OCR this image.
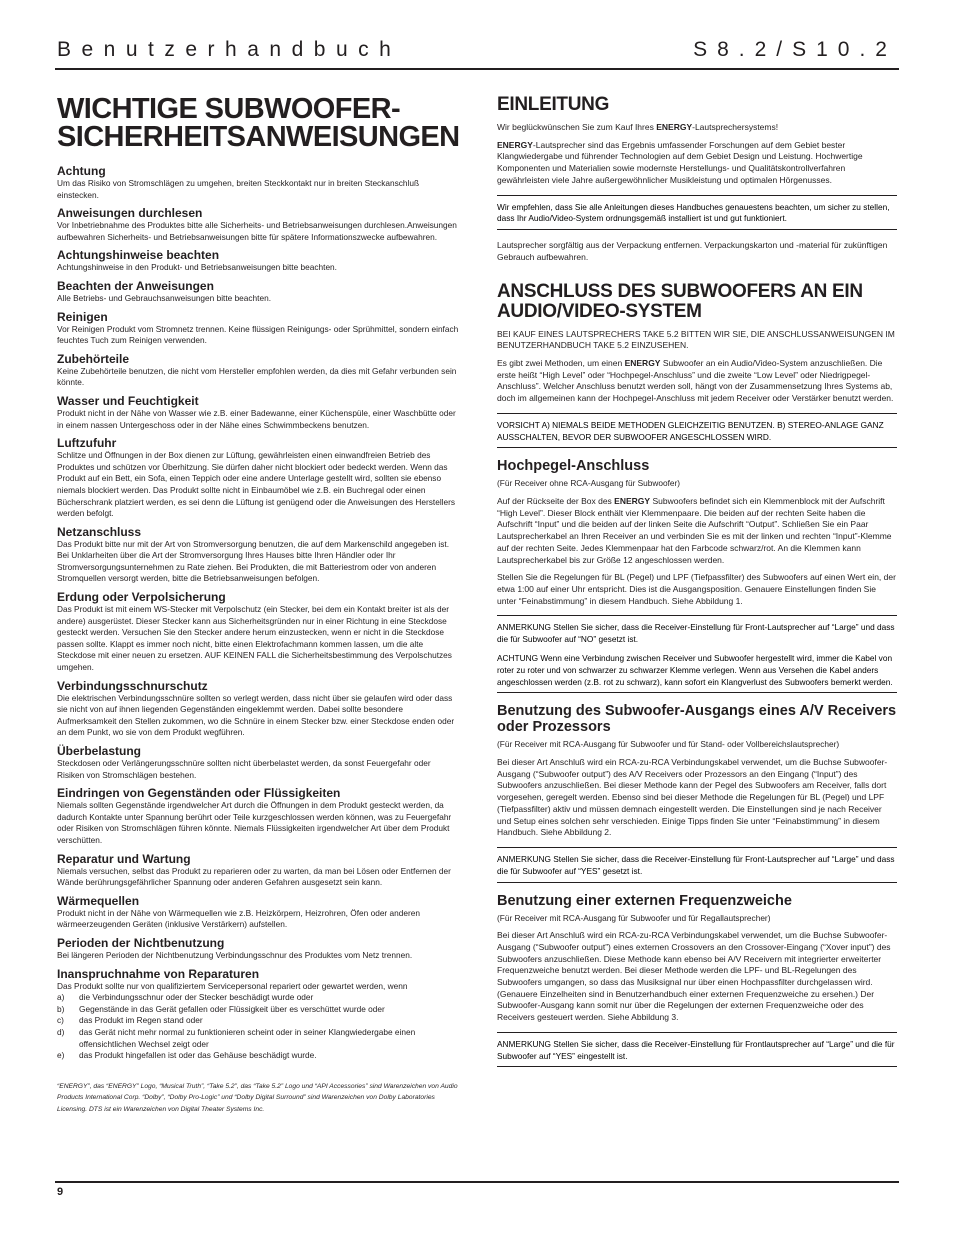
Benutzerhandbuch	S8.2/S10.2
WICHTIGE SUBWOOFER-
SICHERHEITSANWEISUNGEN
Achtung

Um das Risiko von Stromschlägen zu umgehen, breiten Steckkontakt nur in breiten Steckanschluß einstecken.

Anweisungen durchlesen

Vor Inbetriebnahme des Produktes bitte alle Sicherheits- und Betriebsanweisungen durchlesen.Anweisungen aufbewahren Sicherheits- und Betriebsanweisungen bitte für spätere Informationszwecke aufbewahren.

Achtungshinweise beachten

Achtungshinweise in den Produkt- und Betriebsanweisungen bitte beachten.

Beachten der Anweisungen

Alle Betriebs- und Gebrauchsanweisungen bitte beachten.

Reinigen

Vor Reinigen Produkt vom Stromnetz trennen. Keine flüssigen Reinigungs- oder Sprühmittel, sondern einfach feuchtes Tuch zum Reinigen verwenden.

Zubehörteile

Keine Zubehörteile benutzen, die nicht vom Hersteller empfohlen werden, da dies mit Gefahr verbunden sein könnte.

Wasser und Feuchtigkeit

Produkt nicht in der Nähe von Wasser wie z.B. einer Badewanne, einer Küchenspüle, einer Waschbütte oder in einem nassen Untergeschoss oder in der Nähe eines Schwimmbeckens benutzen.

Luftzufuhr

Schlitze und Öffnungen in der Box dienen zur Lüftung, gewährleisten einen einwandfreien Betrieb des Produktes und schützen vor Überhitzung. Sie dürfen daher nicht blockiert oder bedeckt werden. Wenn das Produkt auf ein Bett, ein Sofa, einen Teppich oder eine andere Unterlage gestellt wird, sollten sie ebenso niemals blockiert werden. Das Produkt sollte nicht in Einbaumöbel wie z.B. ein Buchregal oder einen Bücherschrank platziert werden, es sei denn die Lüftung ist genügend oder die Anweisungen des Herstellers werden befolgt.

Netzanschluss

Das Produkt bitte nur mit der Art von Stromversorgung benutzen, die auf dem Markenschild angegeben ist. Bei Unklarheiten über die Art der Stromversorgung Ihres Hauses bitte Ihren Händler oder Ihr Stromversorgungsunternehmen zu Rate ziehen. Bei Produkten, die mit Batteriestrom oder von anderen Stromquellen versorgt werden, bitte die Betriebsanweisungen befolgen.

Erdung oder Verpolsicherung

Das Produkt ist mit einem WS-Stecker mit Verpolschutz (ein Stecker, bei dem ein Kontakt breiter ist als der andere) ausgerüstet. Dieser Stecker kann aus Sicherheitsgründen nur in einer Richtung in eine Steckdose gesteckt werden. Versuchen Sie den Stecker andere herum einzustecken, wenn er nicht in die Steckdose passen sollte. Klappt es immer noch nicht, bitte einen Elektrofachmann kommen lassen, um die alte Steckdose mit einer neuen zu ersetzen. AUF KEINEN FALL die Sicherheitsbestimmung des Verpolschutzes umgehen.

Verbindungsschnurschutz

Die elektrischen Verbindungsschnüre sollten so verlegt werden, dass nicht über sie gelaufen wird oder dass sie nicht von auf ihnen liegenden Gegenständen eingeklemmt werden. Dabei sollte besondere Aufmerksamkeit den Stellen zukommen, wo die Schnüre in einem Stecker bzw. einer Steckdose enden oder an dem Punkt, wo sie von dem Produkt wegführen.

Überbelastung

Steckdosen oder Verlängerungsschnüre sollten nicht überbelastet werden, da sonst Feuergefahr oder Risiken von Stromschlägen bestehen.

Eindringen von Gegenständen oder Flüssigkeiten

Niemals sollten Gegenstände irgendwelcher Art durch die Öffnungen in dem Produkt gesteckt werden, da dadurch Kontakte unter Spannung berührt oder Teile kurzgeschlossen werden können, was zu Feuergefahr oder Risiken von Stromschlägen führen könnte. Niemals Flüssigkeiten irgendwelcher Art über dem Produkt verschütten.

Reparatur und Wartung

Niemals versuchen, selbst das Produkt zu reparieren oder zu warten, da man bei Lösen oder Entfernen der Wände berührungsgefährlicher Spannung oder anderen Gefahren ausgesetzt sein kann.

Wärmequellen

Produkt nicht in der Nähe von Wärmequellen wie z.B. Heizkörpern, Heizrohren, Öfen oder anderen wärmeerzeugenden Geräten (inklusive Verstärkern) aufstellen.

Perioden der Nichtbenutzung

Bei längeren Perioden der Nichtbenutzung Verbindungsschnur des Produktes vom Netz trennen.

Inanspruchnahme von Reparaturen

Das Produkt sollte nur von qualifiziertem Servicepersonal repariert oder gewartet werden, wenn

a) die Verbindungsschnur oder der Stecker beschädigt wurde oder
b) Gegenstände in das Gerät gefallen oder Flüssigkeit über es verschüttet wurde oder
c) das Produkt im Regen stand oder
d) das Gerät nicht mehr normal zu funktionieren scheint oder in seiner Klangwiedergabe einen offensichtlichen Wechsel zeigt oder
e) das Produkt hingefallen ist oder das Gehäuse beschädigt wurde.
“ENERGY”, das “ENERGY” Logo, “Musical Truth”, “Take 5.2”, das “Take 5.2” Logo und “API Accessories” sind Warenzeichen von Audio Products International Corp. “Dolby”, “Dolby Pro-Logic” und “Dolby Digital Surround” sind Warenzeichen von Dolby Laboratories Licensing. DTS ist ein Warenzeichen von Digital Theater Systems Inc.
EINLEITUNG

Wir beglückwünschen Sie zum Kauf Ihres ENERGY-Lautsprechersystems!

ENERGY-Lautsprecher sind das Ergebnis umfassender Forschungen auf dem Gebiet bester Klangwiedergabe und führender Technologien auf dem Gebiet Design und Leistung. Hochwertige Komponenten und Materialien sowie modernste Herstellungs- und Qualitätskontrollverfahren gewährleisten viele Jahre außergewöhnlicher Musikleistung und optimalen Hörgenusses.

Wir empfehlen, dass Sie alle Anleitungen dieses Handbuches genauestens beachten, um sicher zu stellen, dass Ihr Audio/Video-System ordnungsgemäß installiert ist und gut funktioniert.

Lautsprecher sorgfältig aus der Verpackung entfernen. Verpackungskarton und -material für zukünftigen Gebrauch aufbewahren.

ANSCHLUSS DES SUBWOOFERS AN EIN AUDIO/VIDEO-SYSTEM

BEI KAUF EINES LAUTSPRECHERS TAKE 5.2 BITTEN WIR SIE, DIE ANSCHLUSSANWEISUNGEN IM BENUTZERHANDBUCH TAKE 5.2 EINZUSEHEN.

Es gibt zwei Methoden, um einen ENERGY Subwoofer an ein Audio/Video-System anzuschließen. Die erste heißt “High Level” oder “Hochpegel-Anschluss” und die zweite “Low Level” oder Niedrigpegel-Anschluss”. Welcher Anschluss benutzt werden soll, hängt von der Zusammensetzung Ihres Systems ab, doch im allgemeinen kann der Hochpegel-Anschluss mit jedem Receiver oder Verstärker benutzt werden.

VORSICHT A) NIEMALS BEIDE METHODEN GLEICHZEITIG BENUTZEN. B) STEREO-ANLAGE GANZ AUSSCHALTEN, BEVOR DER SUBWOOFER ANGESCHLOSSEN WIRD.

Hochpegel-Anschluss

(Für Receiver ohne RCA-Ausgang für Subwoofer)

Auf der Rückseite der Box des ENERGY Subwoofers befindet sich ein Klemmenblock mit der Aufschrift “High Level”. Dieser Block enthält vier Klemmenpaare. Die beiden auf der rechten Seite haben die Aufschrift “Input” und die beiden auf der linken Seite die Aufschrift “Output”. Schließen Sie ein Paar Lautsprecherkabel an Ihren Receiver an und verbinden Sie es mit der linken und rechten “Input”-Klemme auf der rechten Seite. Jedes Klemmenpaar hat den Farbcode schwarz/rot. An die Klemmen kann Lautsprecherkabel bis zur Größe 12 angeschlossen werden.

Stellen Sie die Regelungen für BL (Pegel) und LPF (Tiefpassfilter) des Subwoofers auf einen Wert ein, der etwa 1:00 auf einer Uhr entspricht. Dies ist die Ausgangsposition. Genauere Einstellungen finden Sie unter “Feinabstimmung” in diesem Handbuch. Siehe Abbildung 1.

ANMERKUNG Stellen Sie sicher, dass die Receiver-Einstellung für Front-Lautsprecher auf “Large” und dass die für Subwoofer auf “NO” gesetzt ist.

ACHTUNG Wenn eine Verbindung zwischen Receiver und Subwoofer hergestellt wird, immer die Kabel von roter zu roter und von schwarzer zu schwarzer Klemme verlegen. Wenn aus Versehen die Kabel anders angeschlossen werden (z.B. rot zu schwarz), kann sofort ein Klangverlust des Subwoofers bemerkt werden.

Benutzung des Subwoofer-Ausgangs eines A/V Receivers oder Prozessors

(Für Receiver mit RCA-Ausgang für Subwoofer und für Stand- oder Vollbereichslautsprecher)

Bei dieser Art Anschluß wird ein RCA-zu-RCA Verbindungskabel verwendet, um die Buchse Subwoofer-Ausgang (“Subwoofer output”) des A/V Receivers oder Prozessors an den Eingang (“Input”) des Subwoofers anzuschließen. Bei dieser Methode kann der Pegel des Subwoofers am Receiver, falls dort vorgesehen, geregelt werden. Ebenso sind bei dieser Methode die Regelungen für BL (Pegel) und LPF (Tiefpassfilter) aktiv und müssen demnach eingestellt werden. Die Einstellungen sind je nach Receiver und Setup eines solchen sehr verschieden. Einige Tipps finden Sie unter “Feinabstimmung” in diesem Handbuch. Siehe Abbildung 2.

ANMERKUNG Stellen Sie sicher, dass die Receiver-Einstellung für Front-Lautsprecher auf “Large” und dass die für Subwoofer auf “YES” gesetzt ist.

Benutzung einer externen Frequenzweiche

(Für Receiver mit RCA-Ausgang für Subwoofer und für Regallautsprecher)

Bei dieser Art Anschluß wird ein RCA-zu-RCA Verbindungskabel verwendet, um die Buchse Subwoofer-Ausgang (“Subwoofer output”) eines externen Crossovers an den Crossover-Eingang (“Xover input”) des Subwoofers anzuschließen. Diese Methode kann ebenso bei A/V Receivern mit integrierter erweiterter Frequenzweiche benutzt werden. Bei dieser Methode werden die LPF- und BL-Regelungen des Subwoofers umgangen, so dass das Musiksignal nur über einen Hochpassfilter durchgelassen wird. (Genauere Einzelheiten sind in Benutzerhandbuch einer externen Frequenzweiche zu ersehen.) Der Subwoofer-Ausgang kann somit nur über die Regelungen der externen Frequenzweiche oder des Receivers gesteuert werden. Siehe Abbildung 3.

ANMERKUNG Stellen Sie sicher, dass die Receiver-Einstellung für Frontlautsprecher auf “Large” und die für Subwoofer auf “YES” eingestellt ist.

9
